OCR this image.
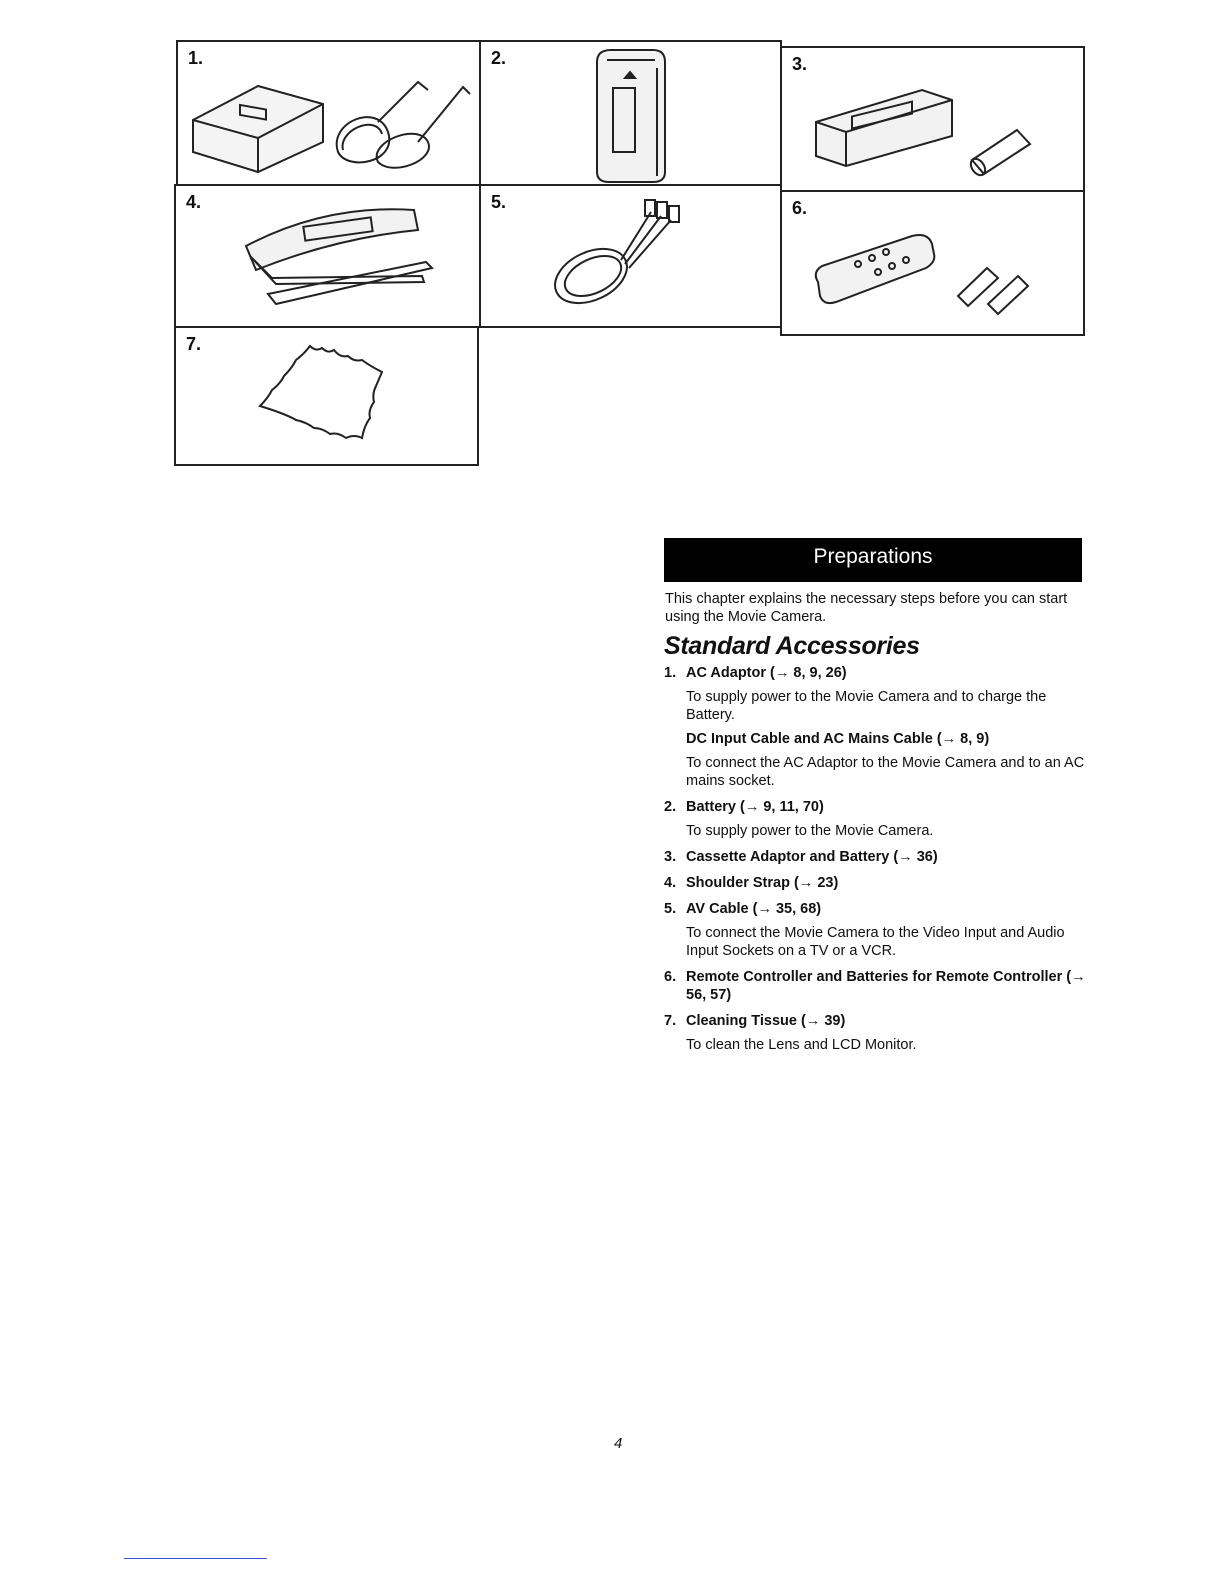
1.	2.	3.
4.	5.	6.
7.
Preparations
This chapter explains the necessary steps before you can start using the Movie Camera.
Standard Accessories
1. AC Adaptor (→ 8, 9, 26)
To supply power to the Movie Camera and to charge the Battery.
DC Input Cable and AC Mains Cable (→ 8, 9)
To connect the AC Adaptor to the Movie Camera and to an AC mains socket.
2. Battery (→ 9, 11, 70)
To supply power to the Movie Camera.
3. Cassette Adaptor and Battery (→ 36)
4. Shoulder Strap (→ 23)
5. AV Cable (→ 35, 68)
To connect the Movie Camera to the Video Input and Audio Input Sockets on a TV or a VCR.
6. Remote Controller and Batteries for Remote Controller (→ 56, 57)
7. Cleaning Tissue (→ 39)
To clean the Lens and LCD Monitor.
4
